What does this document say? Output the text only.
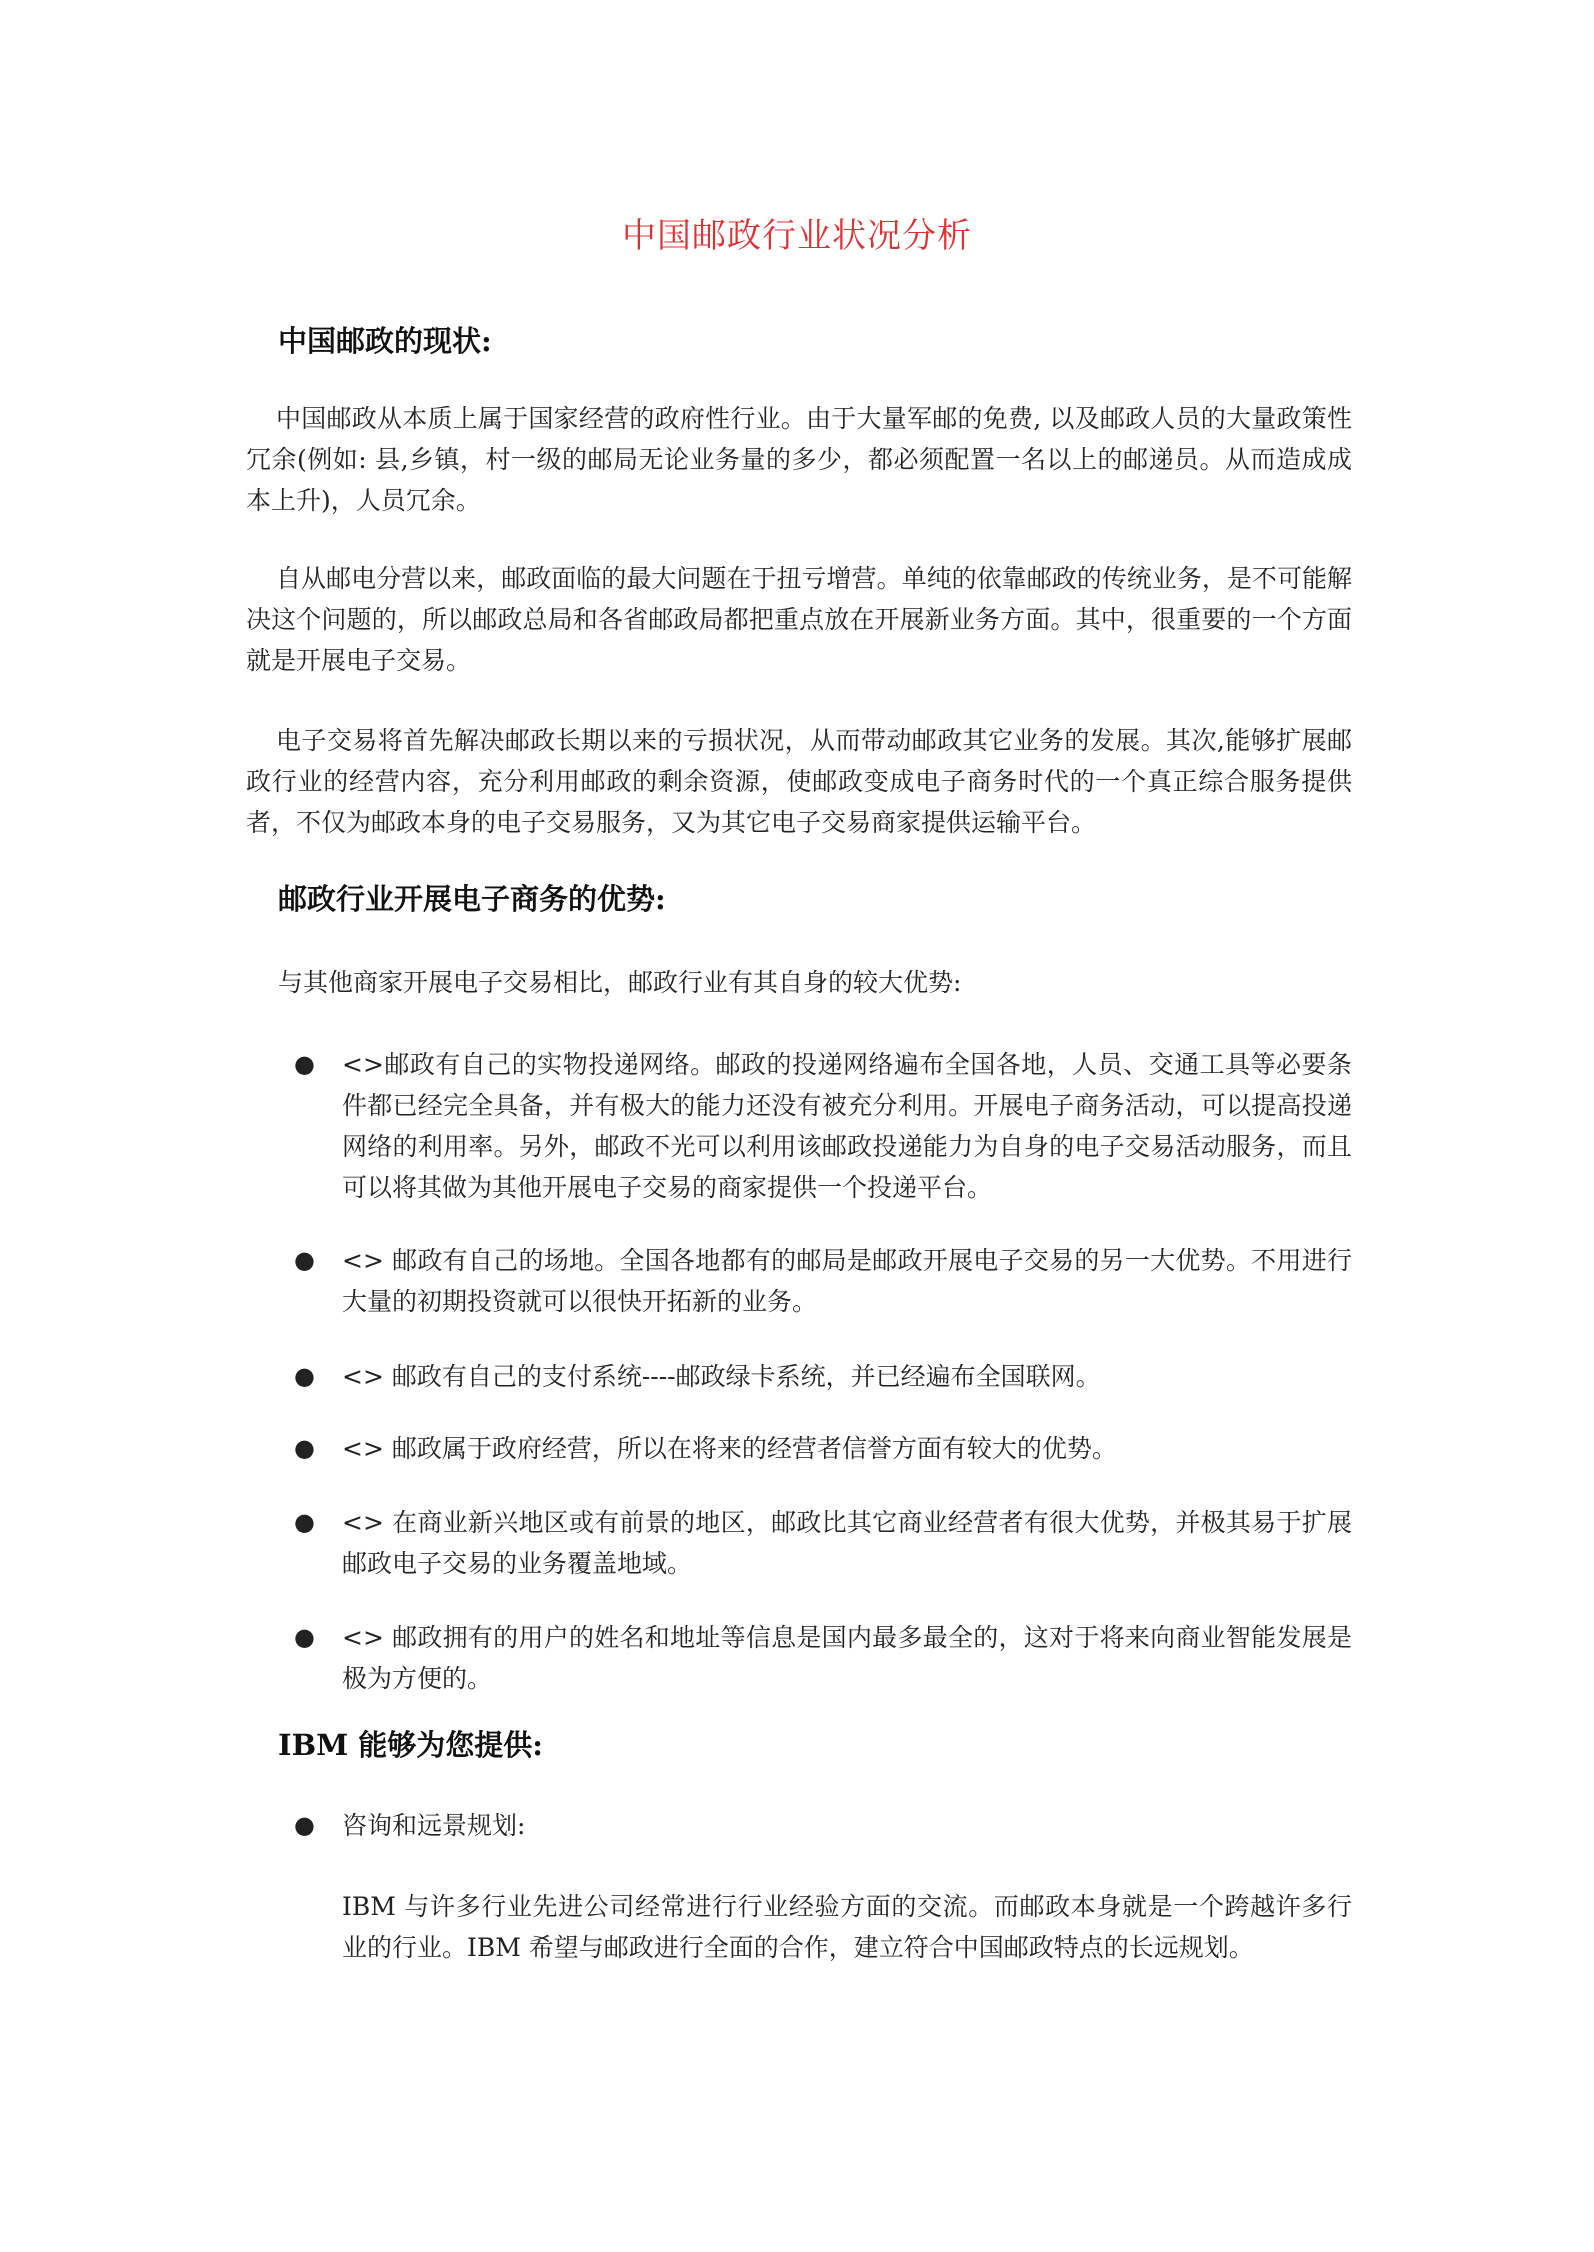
中国邮政行业状况分析
中国邮政的现状:

中国邮政从本质上属于国家经营的政府性行业。由于大量军邮的免费, 以及邮政人员的大量政策性冗余(例如: 县,乡镇，村一级的邮局无论业务量的多少，都必须配置一名以上的邮递员。从而造成成本上升)，人员冗余。

自从邮电分营以来，邮政面临的最大问题在于扭亏增营。单纯的依靠邮政的传统业务，是不可能解决这个问题的，所以邮政总局和各省邮政局都把重点放在开展新业务方面。其中，很重要的一个方面就是开展电子交易。

电子交易将首先解决邮政长期以来的亏损状况，从而带动邮政其它业务的发展。其次,能够扩展邮政行业的经营内容，充分利用邮政的剩余资源，使邮政变成电子商务时代的一个真正综合服务提供者，不仅为邮政本身的电子交易服务，又为其它电子交易商家提供运输平台。

邮政行业开展电子商务的优势:

与其他商家开展电子交易相比，邮政行业有其自身的较大优势:

●	<>邮政有自己的实物投递网络。邮政的投递网络遍布全国各地，人员、交通工具等必要条件都已经完全具备，并有极大的能力还没有被充分利用。开展电子商务活动，可以提高投递网络的利用率。另外，邮政不光可以利用该邮政投递能力为自身的电子交易活动服务，而且可以将其做为其他开展电子交易的商家提供一个投递平台。

●	<> 邮政有自己的场地。全国各地都有的邮局是邮政开展电子交易的另一大优势。不用进行大量的初期投资就可以很快开拓新的业务。

●	<> 邮政有自己的支付系统----邮政绿卡系统，并已经遍布全国联网。

●	<> 邮政属于政府经营，所以在将来的经营者信誉方面有较大的优势。

●	<> 在商业新兴地区或有前景的地区，邮政比其它商业经营者有很大优势，并极其易于扩展邮政电子交易的业务覆盖地域。

●	<> 邮政拥有的用户的姓名和地址等信息是国内最多最全的，这对于将来向商业智能发展是极为方便的。

IBM 能够为您提供:
●	咨询和远景规划:

IBM 与许多行业先进公司经常进行行业经验方面的交流。而邮政本身就是一个跨越许多行业的行业。IBM 希望与邮政进行全面的合作，建立符合中国邮政特点的长远规划。
